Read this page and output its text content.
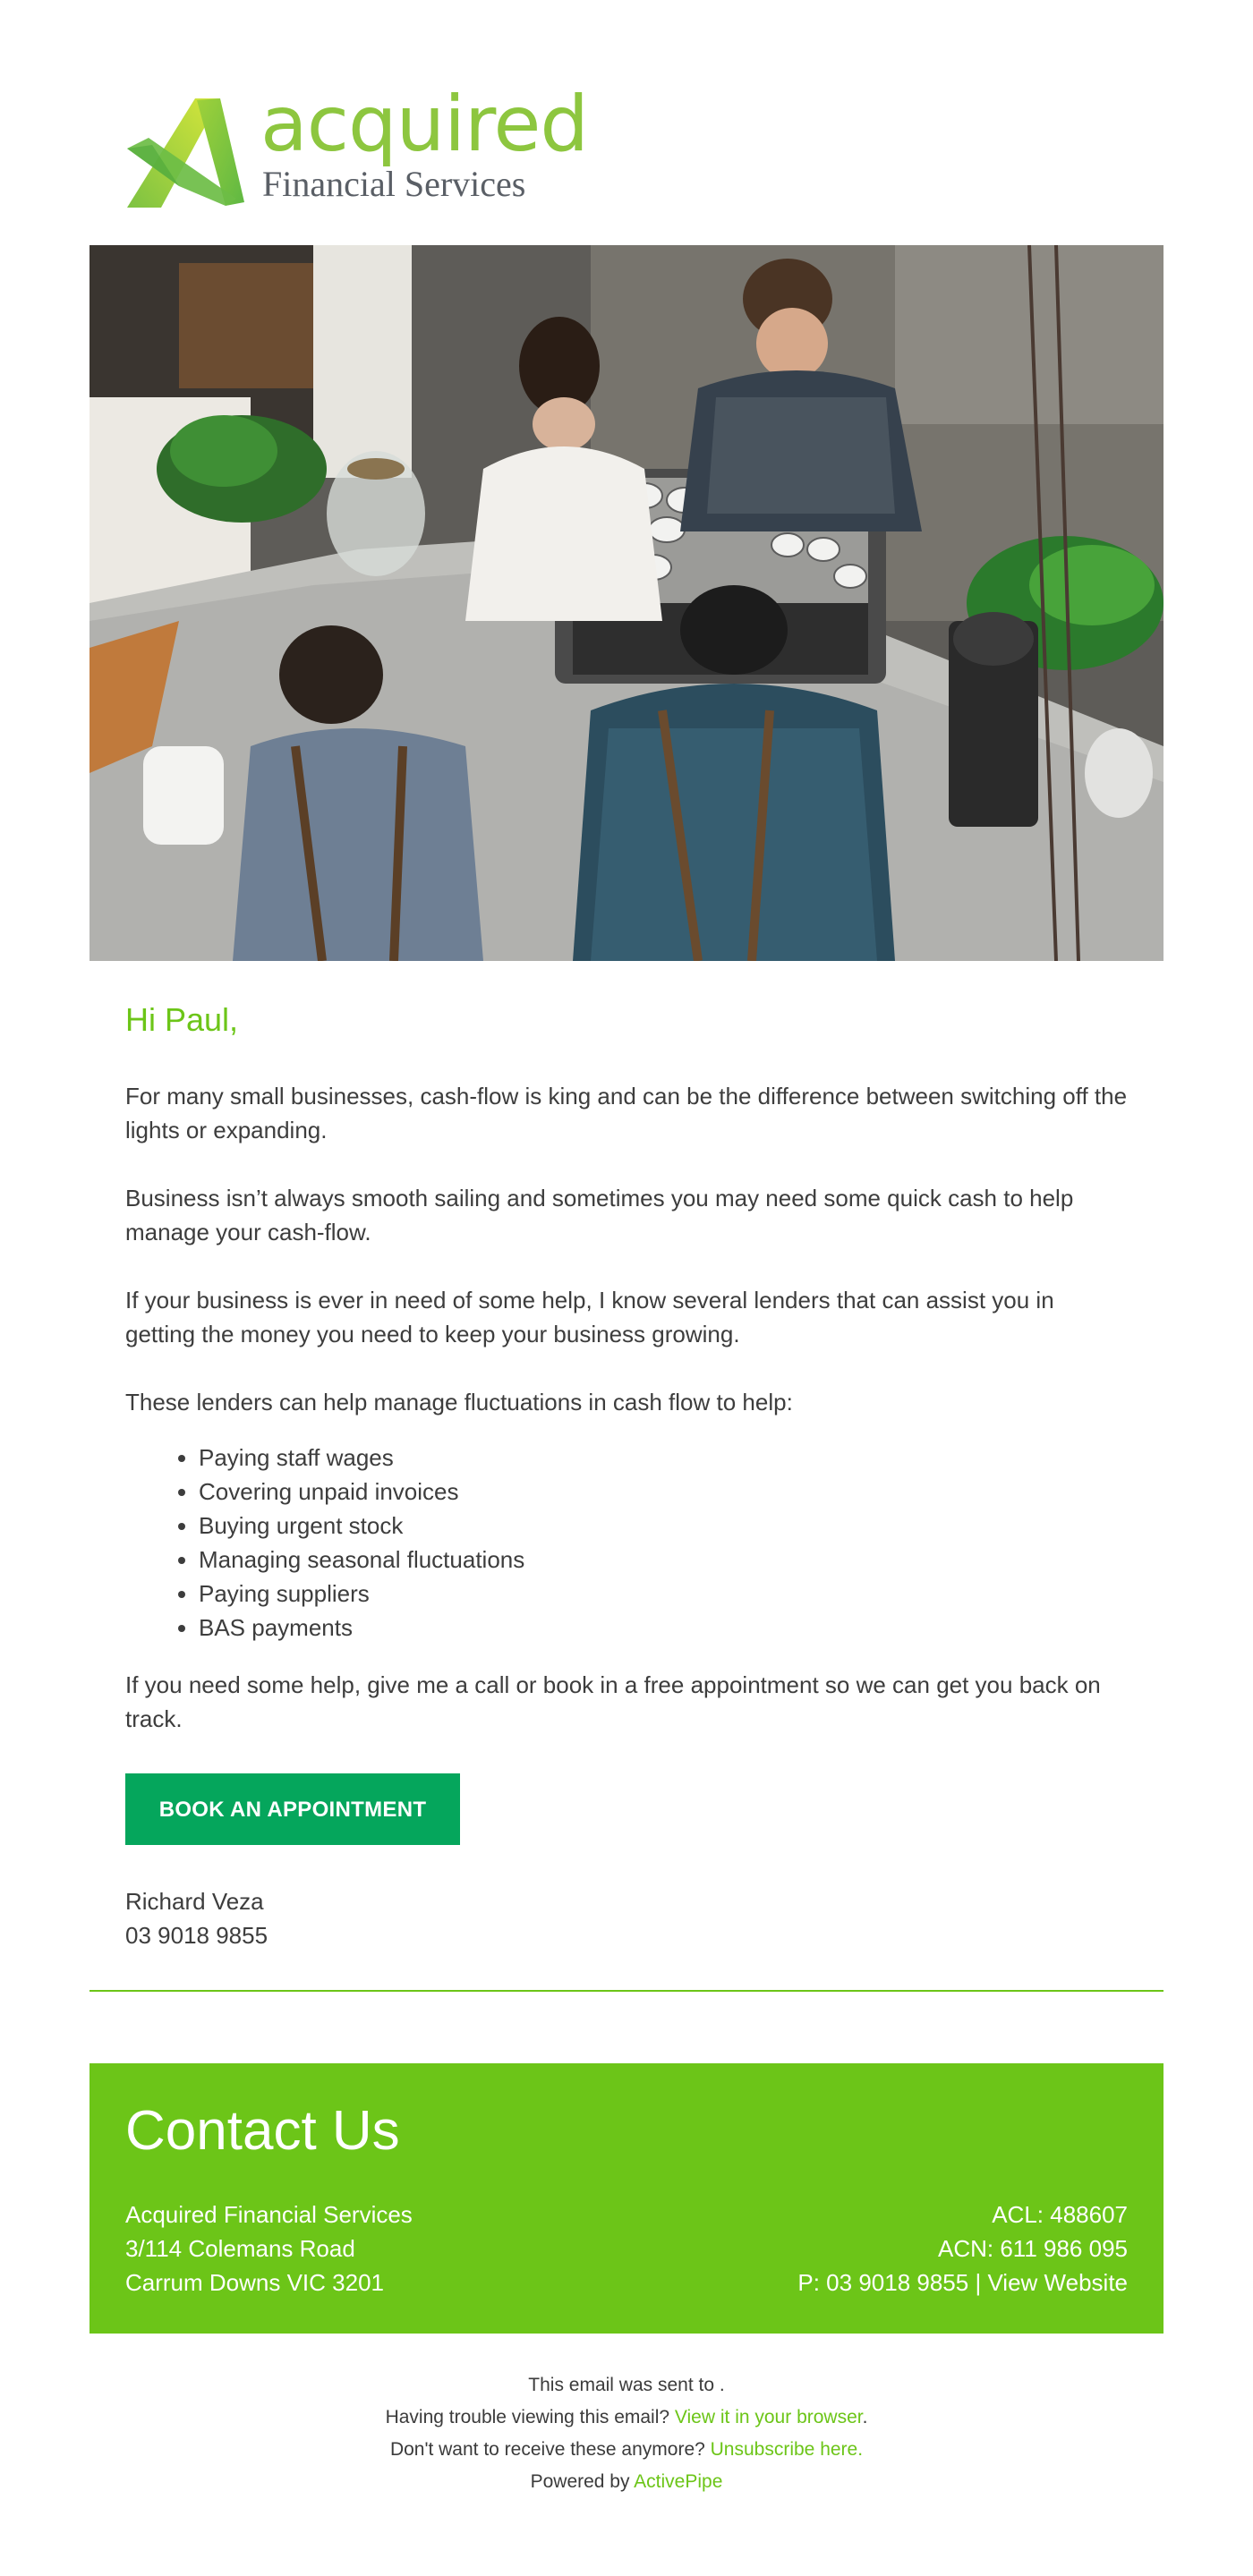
acquired
Financial Services
Hi Paul,

For many small businesses, cash-flow is king and can be the difference between switching off the lights or expanding.

Business isn’t always smooth sailing and sometimes you may need some quick cash to help manage your cash-flow.

If your business is ever in need of some help, I know several lenders that can assist you in getting the money you need to keep your business growing.

These lenders can help manage fluctuations in cash flow to help:

• Paying staff wages
• Covering unpaid invoices
• Buying urgent stock
• Managing seasonal fluctuations
• Paying suppliers
• BAS payments

If you need some help, give me a call or book in a free appointment so we can get you back on track.

BOOK AN APPOINTMENT
Richard Veza
03 9018 9855
Contact Us
Acquired Financial Services
3/114 Colemans Road
Carrum Downs VIC 3201
ACL: 488607
ACN: 611 986 095
P: 03 9018 9855 | View Website
This email was sent to .
Having trouble viewing this email? View it in your browser.
Don't want to receive these anymore? Unsubscribe here.
Powered by ActivePipe
